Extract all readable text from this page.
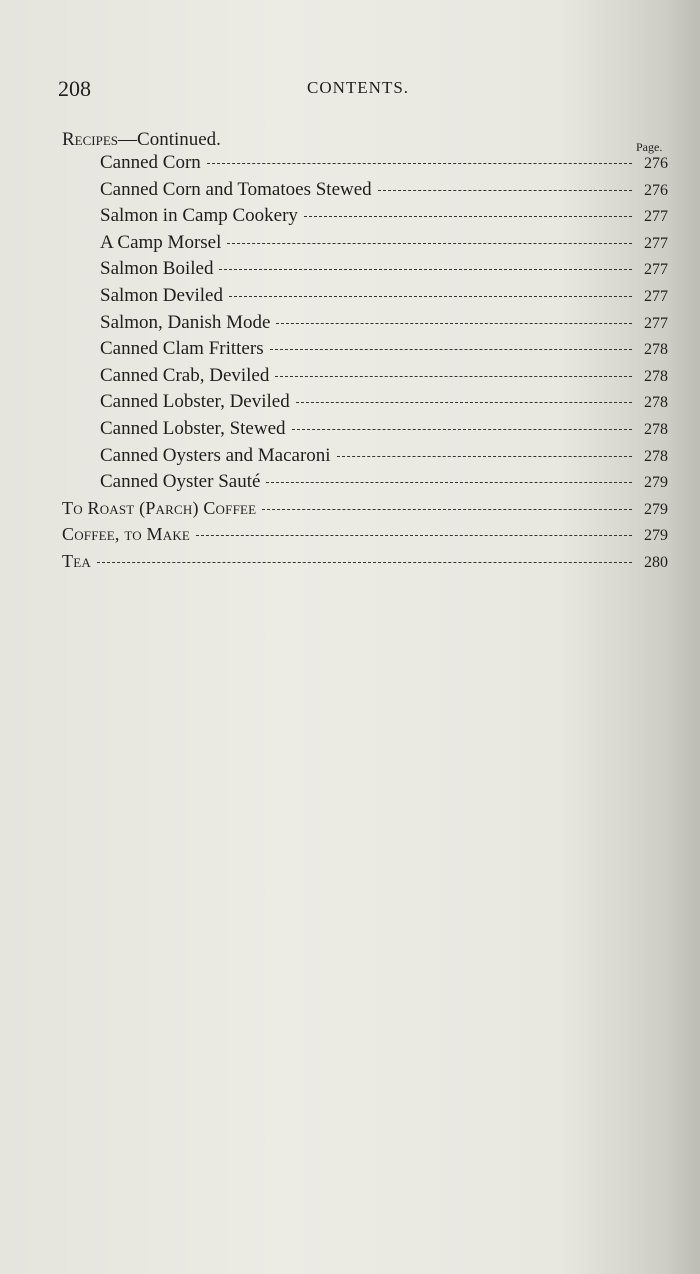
208	CONTENTS.
Recipes—Continued.	Page.
Canned Corn	276
Canned Corn and Tomatoes Stewed	276
Salmon in Camp Cookery	277
A Camp Morsel	277
Salmon Boiled	277
Salmon Deviled	277
Salmon, Danish Mode	277
Canned Clam Fritters	278
Canned Crab, Deviled	278
Canned Lobster, Deviled	278
Canned Lobster, Stewed	278
Canned Oysters and Macaroni	278
Canned Oyster Sauté	279
To Roast (Parch) Coffee	279
Coffee, to Make	279
Tea	280
